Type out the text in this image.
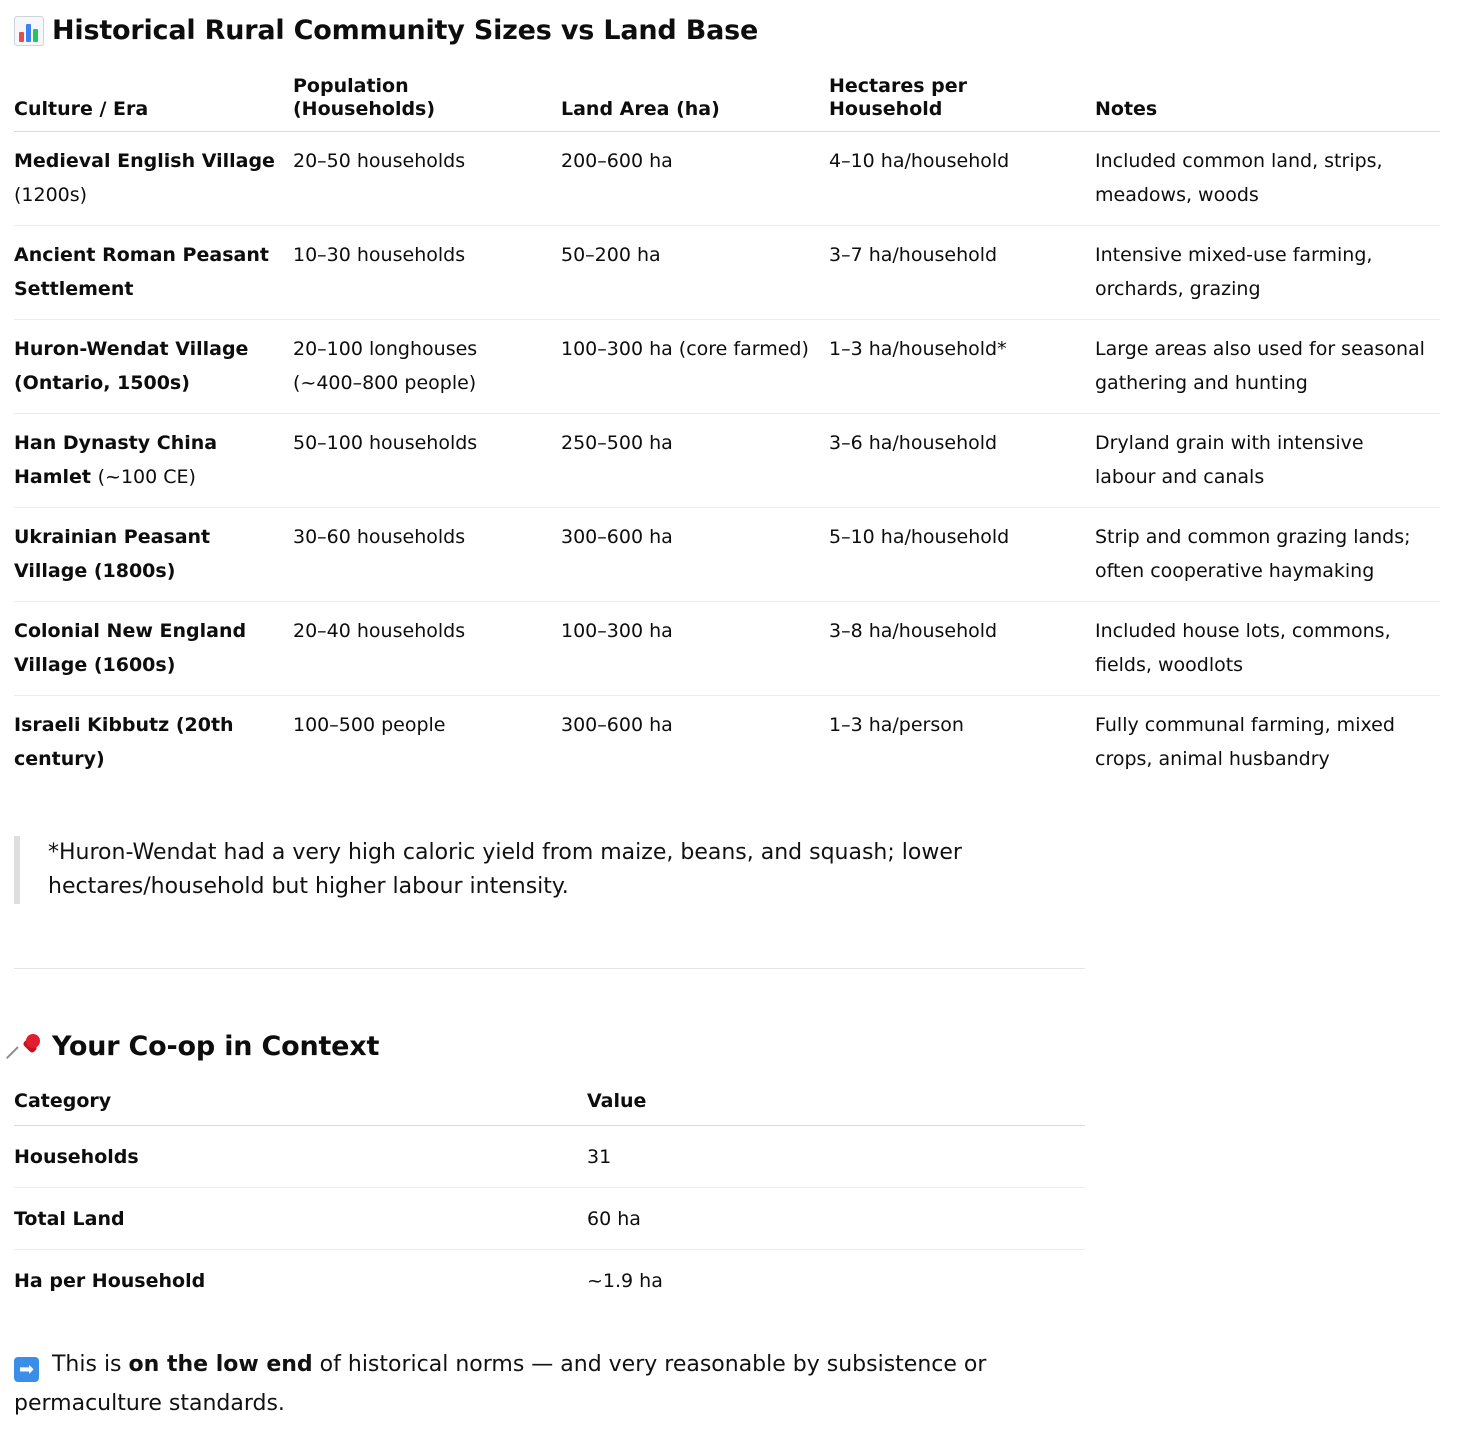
Historical Rural Community Sizes vs Land Base
Culture / Era	Population (Households)	Land Area (ha)	Hectares per Household	Notes
Medieval English Village (1200s)	20–50 households	200–600 ha	4–10 ha/household	Included common land, strips, meadows, woods
Ancient Roman Peasant Settlement	10–30 households	50–200 ha	3–7 ha/household	Intensive mixed-use farming, orchards, grazing
Huron-Wendat Village (Ontario, 1500s)	20–100 longhouses (~400–800 people)	100–300 ha (core farmed)	1–3 ha/household*	Large areas also used for seasonal gathering and hunting
Han Dynasty China Hamlet (~100 CE)	50–100 households	250–500 ha	3–6 ha/household	Dryland grain with intensive labour and canals
Ukrainian Peasant Village (1800s)	30–60 households	300–600 ha	5–10 ha/household	Strip and common grazing lands; often cooperative haymaking
Colonial New England Village (1600s)	20–40 households	100–300 ha	3–8 ha/household	Included house lots, commons, fields, woodlots
Israeli Kibbutz (20th century)	100–500 people	300–600 ha	1–3 ha/person	Fully communal farming, mixed crops, animal husbandry
*Huron-Wendat had a very high caloric yield from maize, beans, and squash; lower hectares/household but higher labour intensity.
Your Co-op in Context
Category	Value
Households	31
Total Land	60 ha
Ha per Household	~1.9 ha
➡ This is on the low end of historical norms — and very reasonable by subsistence or permaculture standards.
